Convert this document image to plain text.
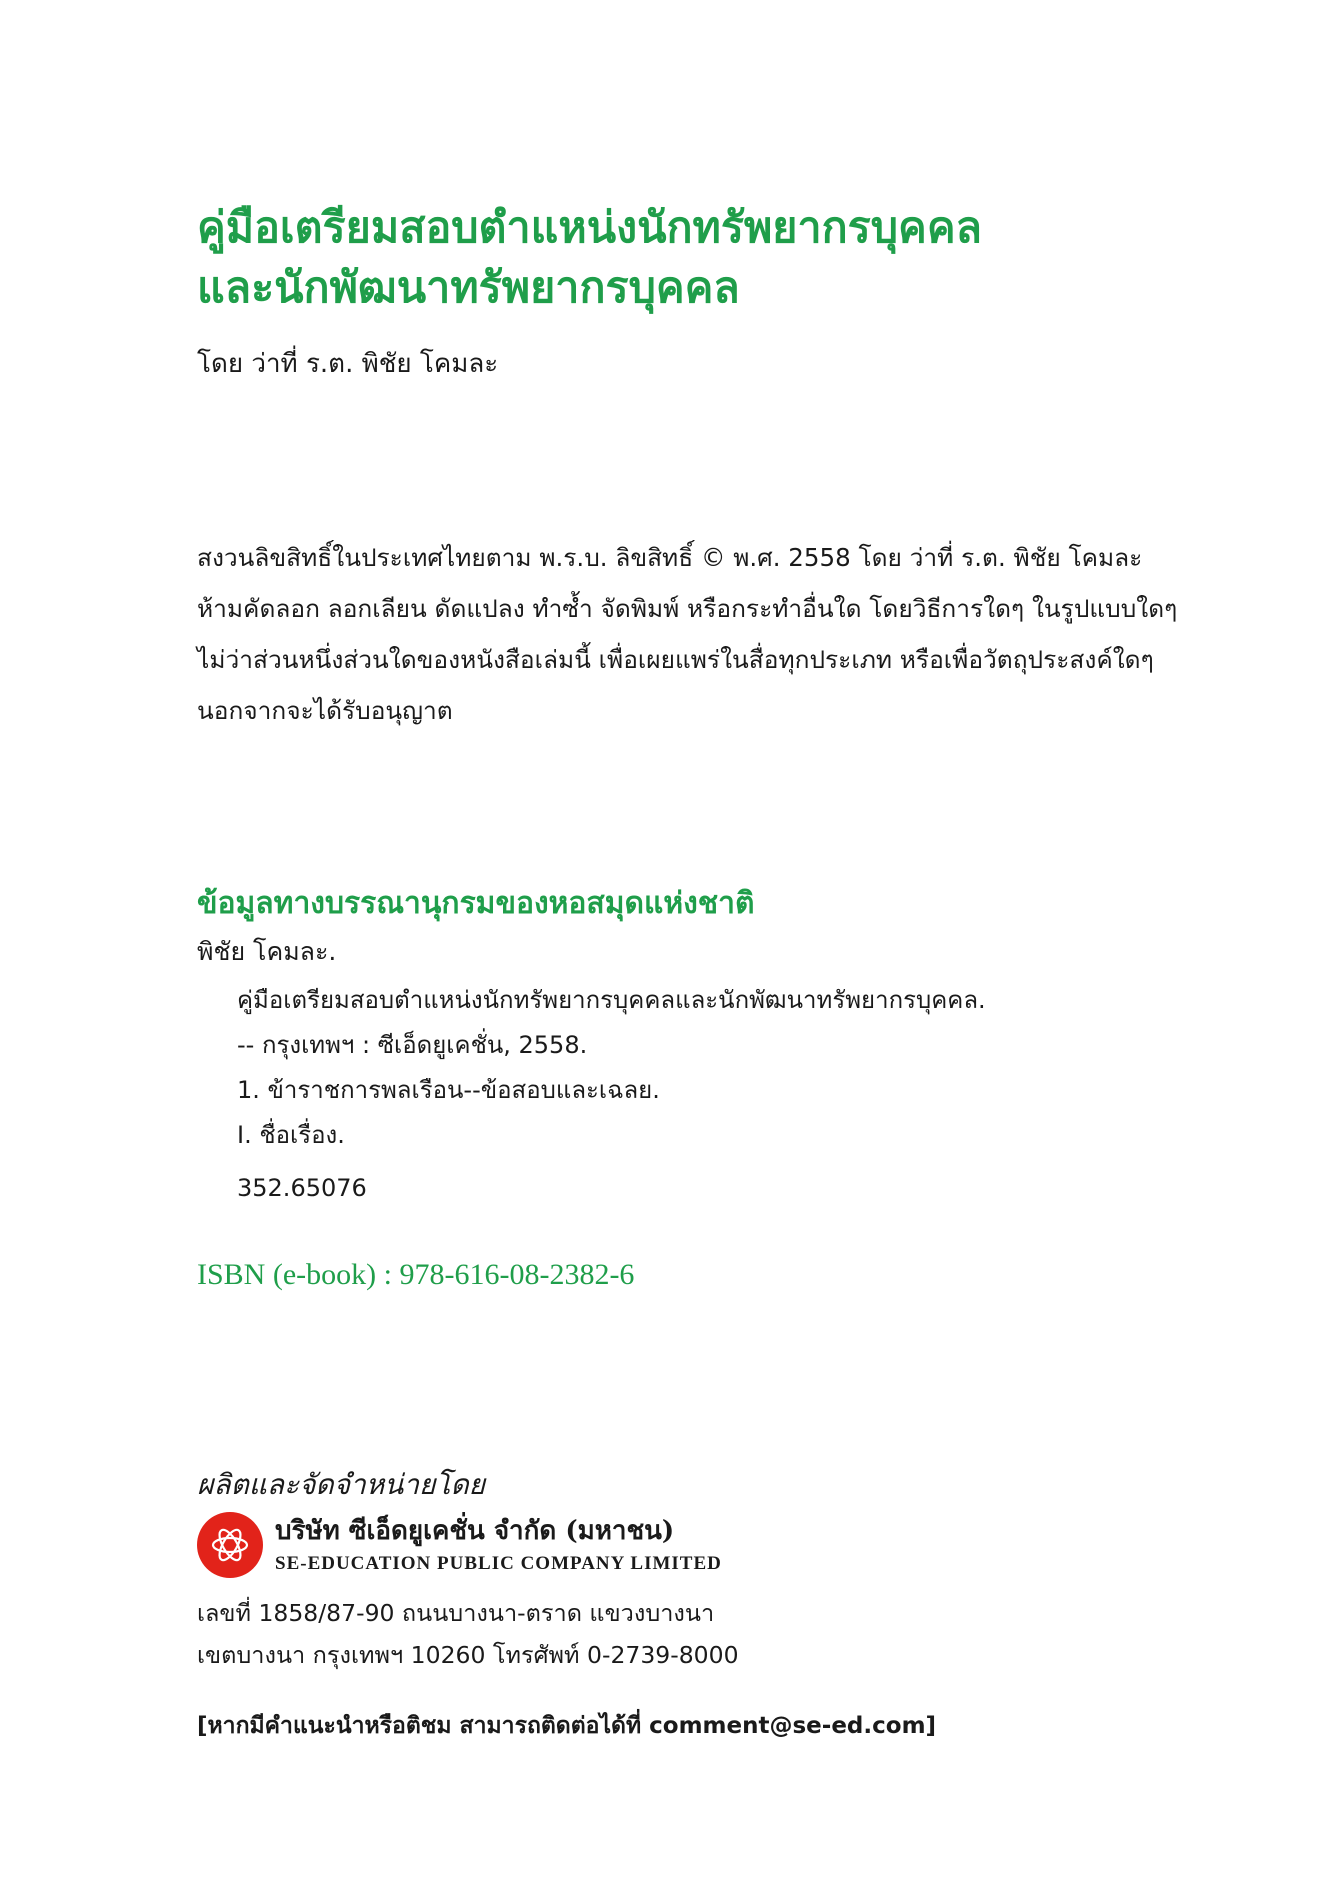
คู่มือเตรียมสอบตำแหน่งนักทรัพยากรบุคคล
และนักพัฒนาทรัพยากรบุคคล
โดย ว่าที่ ร.ต. พิชัย โคมละ
สงวนลิขสิทธิ์ในประเทศไทยตาม พ.ร.บ. ลิขสิทธิ์ © พ.ศ. 2558 โดย ว่าที่ ร.ต. พิชัย โคมละ
ห้ามคัดลอก ลอกเลียน ดัดแปลง ทำซ้ำ จัดพิมพ์ หรือกระทำอื่นใด โดยวิธีการใดๆ ในรูปแบบใดๆ
ไม่ว่าส่วนหนึ่งส่วนใดของหนังสือเล่มนี้ เพื่อเผยแพร่ในสื่อทุกประเภท หรือเพื่อวัตถุประสงค์ใดๆ
นอกจากจะได้รับอนุญาต
ข้อมูลทางบรรณานุกรมของหอสมุดแห่งชาติ
พิชัย โคมละ.
คู่มือเตรียมสอบตำแหน่งนักทรัพยากรบุคคลและนักพัฒนาทรัพยากรบุคคล.
-- กรุงเทพฯ : ซีเอ็ดยูเคชั่น, 2558.
1. ข้าราชการพลเรือน--ข้อสอบและเฉลย.
I. ชื่อเรื่อง.
352.65076
ISBN (e-book) : 978-616-08-2382-6
ผลิตและจัดจำหน่ายโดย
บริษัท ซีเอ็ดยูเคชั่น จำกัด (มหาชน)
SE-EDUCATION PUBLIC COMPANY LIMITED
เลขที่ 1858/87-90 ถนนบางนา-ตราด แขวงบางนา
เขตบางนา กรุงเทพฯ 10260 โทรศัพท์ 0-2739-8000
[หากมีคำแนะนำหรือติชม สามารถติดต่อได้ที่ comment@se-ed.com]
